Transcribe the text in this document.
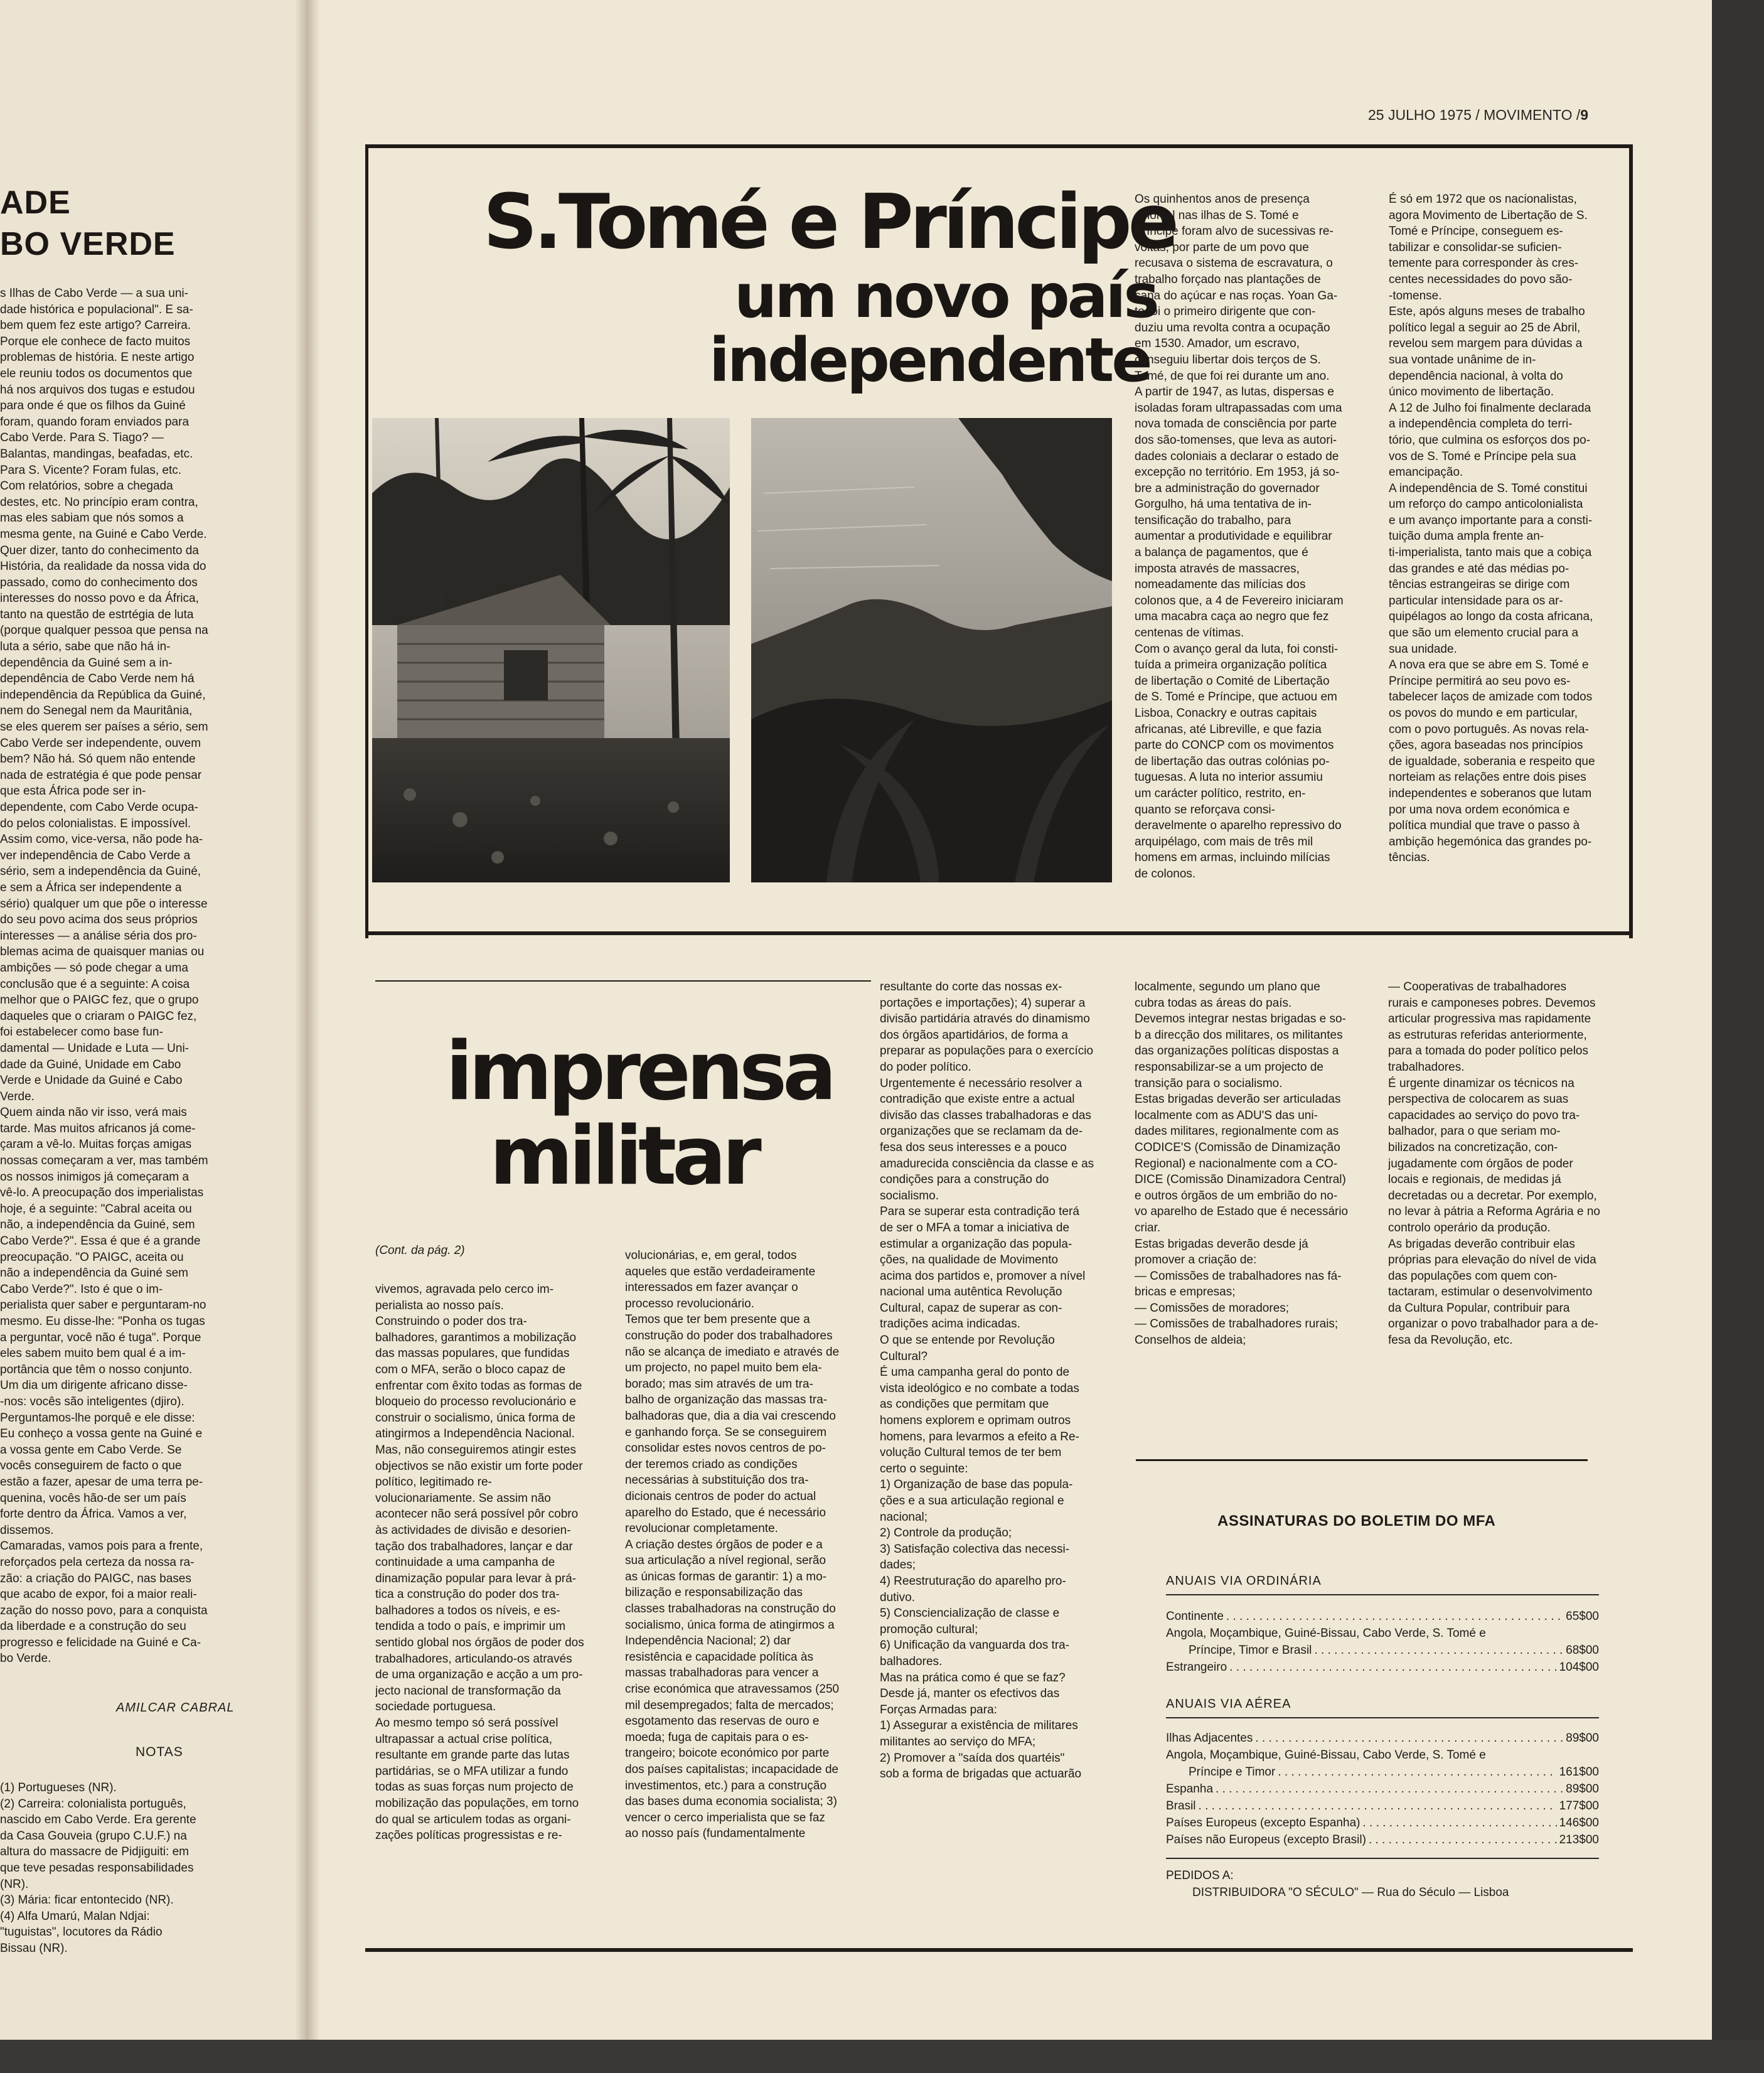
ADE
BO VERDE
s Ilhas de Cabo Verde — a sua uni-
dade histórica e populacional". E sa-
bem quem fez este artigo? Carreira.
Porque ele conhece de facto muitos
problemas de história. E neste artigo
ele reuniu todos os documentos que
há nos arquivos dos tugas e estudou
para onde é que os filhos da Guiné
foram, quando foram enviados para
Cabo Verde. Para S. Tiago? —
Balantas, mandingas, beafadas, etc.
Para S. Vicente? Foram fulas, etc.
Com relatórios, sobre a chegada
destes, etc. No princípio eram contra,
mas eles sabiam que nós somos a
mesma gente, na Guiné e Cabo Verde.
Quer dizer, tanto do conhecimento da
História, da realidade da nossa vida do
passado, como do conhecimento dos
interesses do nosso povo e da África,
tanto na questão de estrtégia de luta
(porque qualquer pessoa que pensa na
luta a sério, sabe que não há in-
dependência da Guiné sem a in-
dependência de Cabo Verde nem há
independência da República da Guiné,
nem do Senegal nem da Mauritânia,
se eles querem ser países a sério, sem
Cabo Verde ser independente, ouvem
bem? Não há. Só quem não entende
nada de estratégia é que pode pensar
que esta África pode ser in-
dependente, com Cabo Verde ocupa-
do pelos colonialistas. E impossível.
Assim como, vice-versa, não pode ha-
ver independência de Cabo Verde a
sério, sem a independência da Guiné,
e sem a África ser independente a
sério) qualquer um que põe o interesse
do seu povo acima dos seus próprios
interesses — a análise séria dos pro-
blemas acima de quaisquer manias ou
ambições — só pode chegar a uma
conclusão que é a seguinte: A coisa
melhor que o PAIGC fez, que o grupo
daqueles que o criaram o PAIGC fez,
foi estabelecer como base fun-
damental — Unidade e Luta — Uni-
dade da Guiné, Unidade em Cabo
Verde e Unidade da Guiné e Cabo
Verde.
Quem ainda não vir isso, verá mais
tarde. Mas muitos africanos já come-
çaram a vê-lo. Muitas forças amigas
nossas começaram a ver, mas também
os nossos inimigos já começaram a
vê-lo. A preocupação dos imperialistas
hoje, é a seguinte: "Cabral aceita ou
não, a independência da Guiné, sem
Cabo Verde?". Essa é que é a grande
preocupação. "O PAIGC, aceita ou
não a independência da Guiné sem
Cabo Verde?". Isto é que o im-
perialista quer saber e perguntaram-no
mesmo. Eu disse-lhe: "Ponha os tugas
a perguntar, você não é tuga". Porque
eles sabem muito bem qual é a im-
portância que têm o nosso conjunto.
Um dia um dirigente africano disse-
-nos: vocês são inteligentes (djiro).
Perguntamos-lhe porquê e ele disse:
Eu conheço a vossa gente na Guiné e
a vossa gente em Cabo Verde. Se
vocês conseguirem de facto o que
estão a fazer, apesar de uma terra pe-
quenina, vocês hão-de ser um país
forte dentro da África. Vamos a ver,
dissemos.
Camaradas, vamos pois para a frente,
reforçados pela certeza da nossa ra-
zão: a criação do PAIGC, nas bases
que acabo de expor, foi a maior reali-
zação do nosso povo, para a conquista
da liberdade e a construção do seu
progresso e felicidade na Guiné e Ca-
bo Verde.
AMILCAR CABRAL
NOTAS
(1) Portugueses (NR).
(2) Carreira: colonialista português,
nascido em Cabo Verde. Era gerente
da Casa Gouveia (grupo C.U.F.) na
altura do massacre de Pidjiguiti: em
que teve pesadas responsabilidades
(NR).
(3) Mária: ficar entontecido (NR).
(4) Alfa Umarú, Malan Ndjai:
"tuguistas", locutores da Rádio
Bissau (NR).
25 JULHO 1975 / MOVIMENTO /9
S.Tomé e Príncipe
um novo país
independente
Os quinhentos anos de presença
colonial nas ilhas de S. Tomé e
Príncipe foram alvo de sucessivas re-
voltas, por parte de um povo que
recusava o sistema de escravatura, o
trabalho forçado nas plantações de
cana do açúcar e nas roças. Yoan Ga-
to foi o primeiro dirigente que con-
duziu uma revolta contra a ocupação
em 1530. Amador, um escravo,
conseguiu libertar dois terços de S.
Tomé, de que foi rei durante um ano.
A partir de 1947, as lutas, dispersas e
isoladas foram ultrapassadas com uma
nova tomada de consciência por parte
dos são-tomenses, que leva as autori-
dades coloniais a declarar o estado de
excepção no território. Em 1953, já so-
bre a administração do governador
Gorgulho, há uma tentativa de in-
tensificação do trabalho, para
aumentar a produtividade e equilibrar
a balança de pagamentos, que é
imposta através de massacres,
nomeadamente das milícias dos
colonos que, a 4 de Fevereiro iniciaram
uma macabra caça ao negro que fez
centenas de vítimas.
Com o avanço geral da luta, foi consti-
tuída a primeira organização política
de libertação o Comité de Libertação
de S. Tomé e Príncipe, que actuou em
Lisboa, Conackry e outras capitais
africanas, até Libreville, e que fazia
parte do CONCP com os movimentos
de libertação das outras colónias po-
tuguesas. A luta no interior assumiu
um carácter político, restrito, en-
quanto se reforçava consi-
deravelmente o aparelho repressivo do
arquipélago, com mais de três mil
homens em armas, incluindo milícias
de colonos.
É só em 1972 que os nacionalistas,
agora Movimento de Libertação de S.
Tomé e Príncipe, conseguem es-
tabilizar e consolidar-se suficien-
temente para corresponder às cres-
centes necessidades do povo são-
-tomense.
Este, após alguns meses de trabalho
político legal a seguir ao 25 de Abril,
revelou sem margem para dúvidas a
sua vontade unânime de in-
dependência nacional, à volta do
único movimento de libertação.
A 12 de Julho foi finalmente declarada
a independência completa do terri-
tório, que culmina os esforços dos po-
vos de S. Tomé e Príncipe pela sua
emancipação.
A independência de S. Tomé constitui
um reforço do campo anticolonialista
e um avanço importante para a consti-
tuição duma ampla frente an-
ti-imperialista, tanto mais que a cobiça
das grandes e até das médias po-
tências estrangeiras se dirige com
particular intensidade para os ar-
quipélagos ao longo da costa africana,
que são um elemento crucial para a
sua unidade.
A nova era que se abre em S. Tomé e
Príncipe permitirá ao seu povo es-
tabelecer laços de amizade com todos
os povos do mundo e em particular,
com o povo português. As novas rela-
ções, agora baseadas nos princípios
de igualdade, soberania e respeito que
norteiam as relações entre dois pises
independentes e soberanos que lutam
por uma nova ordem económica e
política mundial que trave o passo à
ambição hegemónica das grandes po-
tências.
imprensa
militar
(Cont. da pág. 2)
vivemos, agravada pelo cerco im-
perialista ao nosso país.
Construindo o poder dos tra-
balhadores, garantimos a mobilização
das massas populares, que fundidas
com o MFA, serão o bloco capaz de
enfrentar com êxito todas as formas de
bloqueio do processo revolucionário e
construir o socialismo, única forma de
atingirmos a Independência Nacional.
Mas, não conseguiremos atingir estes
objectivos se não existir um forte poder
político, legitimado re-
volucionariamente. Se assim não
acontecer não será possível pôr cobro
às actividades de divisão e desorien-
tação dos trabalhadores, lançar e dar
continuidade a uma campanha de
dinamização popular para levar à prá-
tica a construção do poder dos tra-
balhadores a todos os níveis, e es-
tendida a todo o país, e imprimir um
sentido global nos órgãos de poder dos
trabalhadores, articulando-os através
de uma organização e acção a um pro-
jecto nacional de transformação da
sociedade portuguesa.
Ao mesmo tempo só será possível
ultrapassar a actual crise política,
resultante em grande parte das lutas
partidárias, se o MFA utilizar a fundo
todas as suas forças num projecto de
mobilização das populações, em torno
do qual se articulem todas as organi-
zações políticas progressistas e re-
volucionárias, e, em geral, todos
aqueles que estão verdadeiramente
interessados em fazer avançar o
processo revolucionário.
Temos que ter bem presente que a
construção do poder dos trabalhadores
não se alcança de imediato e através de
um projecto, no papel muito bem ela-
borado; mas sim através de um tra-
balho de organização das massas tra-
balhadoras que, dia a dia vai crescendo
e ganhando força. Se se conseguirem
consolidar estes novos centros de po-
der teremos criado as condições
necessárias à substituição dos tra-
dicionais centros de poder do actual
aparelho do Estado, que é necessário
revolucionar completamente.
A criação destes órgãos de poder e a
sua articulação a nível regional, serão
as únicas formas de garantir: 1) a mo-
bilização e responsabilização das
classes trabalhadoras na construção do
socialismo, única forma de atingirmos a
Independência Nacional; 2) dar
resistência e capacidade política às
massas trabalhadoras para vencer a
crise económica que atravessamos (250
mil desempregados; falta de mercados;
esgotamento das reservas de ouro e
moeda; fuga de capitais para o es-
trangeiro; boicote económico por parte
dos países capitalistas; incapacidade de
investimentos, etc.) para a construção
das bases duma economia socialista; 3)
vencer o cerco imperialista que se faz
ao nosso país (fundamentalmente
resultante do corte das nossas ex-
portações e importações); 4) superar a
divisão partidária através do dinamismo
dos órgãos apartidários, de forma a
preparar as populações para o exercício
do poder político.
Urgentemente é necessário resolver a
contradição que existe entre a actual
divisão das classes trabalhadoras e das
organizações que se reclamam da de-
fesa dos seus interesses e a pouco
amadurecida consciência da classe e as
condições para a construção do
socialismo.
Para se superar esta contradição terá
de ser o MFA a tomar a iniciativa de
estimular a organização das popula-
ções, na qualidade de Movimento
acima dos partidos e, promover a nível
nacional uma autêntica Revolução
Cultural, capaz de superar as con-
tradições acima indicadas.
O que se entende por Revolução
Cultural?
É uma campanha geral do ponto de
vista ideológico e no combate a todas
as condições que permitam que
homens explorem e oprimam outros
homens, para levarmos a efeito a Re-
volução Cultural temos de ter bem
certo o seguinte:
1) Organização de base das popula-
ções e a sua articulação regional e
nacional;
2) Controle da produção;
3) Satisfação colectiva das necessi-
dades;
4) Reestruturação do aparelho pro-
dutivo.
5) Consciencialização de classe e
promoção cultural;
6) Unificação da vanguarda dos tra-
balhadores.
Mas na prática como é que se faz?
Desde já, manter os efectivos das
Forças Armadas para:
1) Assegurar a existência de militares
militantes ao serviço do MFA;
2) Promover a "saída dos quartéis"
sob a forma de brigadas que actuarão
localmente, segundo um plano que
cubra todas as áreas do país.
Devemos integrar nestas brigadas e so-
b a direcção dos militares, os militantes
das organizações políticas dispostas a
responsabilizar-se a um projecto de
transição para o socialismo.
Estas brigadas deverão ser articuladas
localmente com as ADU'S das uni-
dades militares, regionalmente com as
CODICE'S (Comissão de Dinamização
Regional) e nacionalmente com a CO-
DICE (Comissão Dinamizadora Central)
e outros órgãos de um embrião do no-
vo aparelho de Estado que é necessário
criar.
Estas brigadas deverão desde já
promover a criação de:
— Comissões de trabalhadores nas fá-
bricas e empresas;
— Comissões de moradores;
— Comissões de trabalhadores rurais;
Conselhos de aldeia;
— Cooperativas de trabalhadores
rurais e camponeses pobres. Devemos
articular progressiva mas rapidamente
as estruturas referidas anteriormente,
para a tomada do poder político pelos
trabalhadores.
É urgente dinamizar os técnicos na
perspectiva de colocarem as suas
capacidades ao serviço do povo tra-
balhador, para o que seriam mo-
bilizados na concretização, con-
jugadamente com órgãos de poder
locais e regionais, de medidas já
decretadas ou a decretar. Por exemplo,
no levar à pátria a Reforma Agrária e no
controlo operário da produção.
As brigadas deverão contribuir elas
próprias para elevação do nível de vida
das populações com quem con-
tactaram, estimular o desenvolvimento
da Cultura Popular, contribuir para
organizar o povo trabalhador para a de-
fesa da Revolução, etc.
ASSINATURAS DO BOLETIM DO MFA
ANUAIS VIA ORDINÁRIA
Continente . . .	65$00
Angola, Moçambique, Guiné-Bissau, Cabo Verde, S. Tomé e
Príncipe, Timor e Brasil . . .	68$00
Estrangeiro . . .	104$00
ANUAIS VIA AÉREA
Ilhas Adjacentes . . .	89$00
Angola, Moçambique, Guiné-Bissau, Cabo Verde, S. Tomé e
Príncipe e Timor . . .	161$00
Espanha . . .	89$00
Brasil . . .	177$00
Países Europeus (excepto Espanha) . . .	146$00
Países não Europeus (excepto Brasil) . . .	213$00
PEDIDOS A:
DISTRIBUIDORA "O SÉCULO" — Rua do Século — Lisboa
